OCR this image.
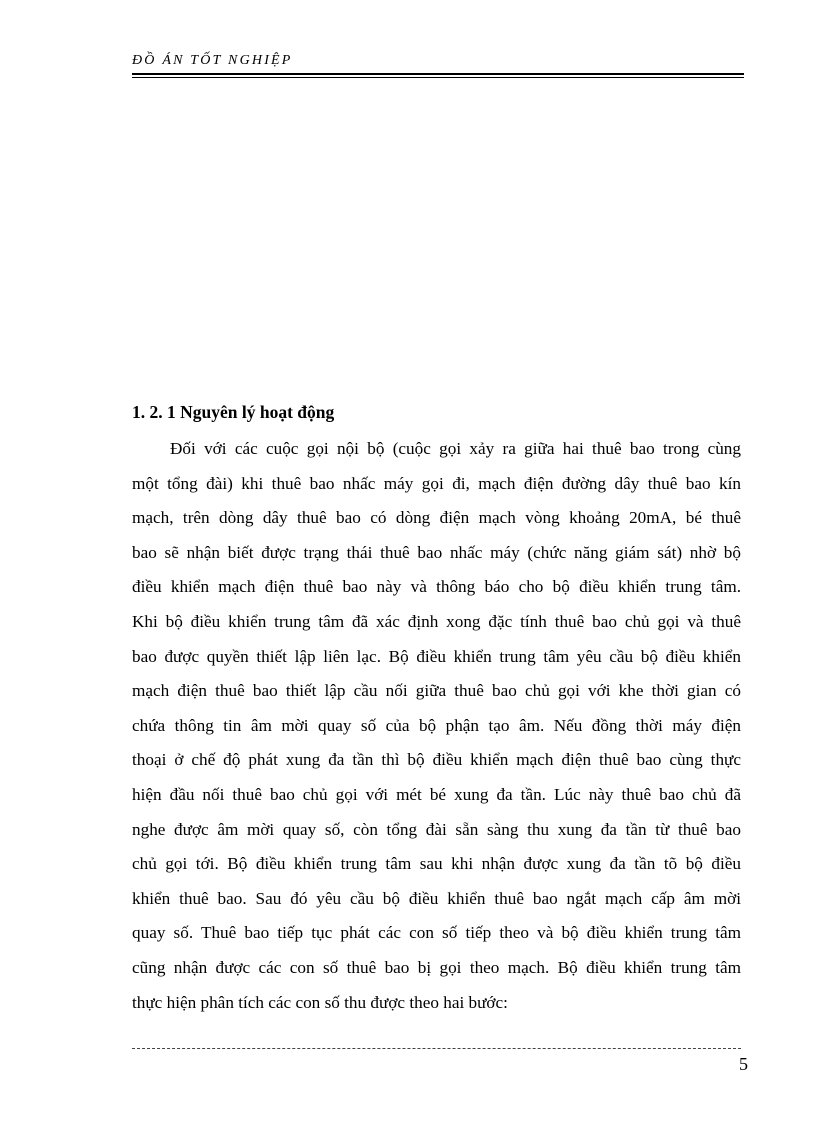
ĐỒ ÁN TỐT NGHIỆP
1. 2. 1 Nguyên lý hoạt động
Đối với các cuộc gọi nội bộ (cuộc gọi xảy ra giữa hai thuê bao trong cùng
một tổng đài) khi thuê bao nhấc máy gọi đi, mạch điện đường dây thuê bao kín
mạch, trên dòng dây thuê bao có dòng điện mạch vòng khoảng 20mA, bé thuê
bao sẽ nhận biết được trạng thái thuê bao nhấc máy (chức năng giám sát) nhờ bộ
điều khiển mạch điện thuê bao này và thông báo cho bộ điều khiển trung tâm.
Khi bộ điều khiển trung tâm đã xác định xong đặc tính thuê bao chủ gọi và thuê
bao được quyền thiết lập liên lạc. Bộ điều khiển trung tâm yêu cầu bộ điều khiển
mạch điện thuê bao thiết lập cầu nối giữa thuê bao chủ gọi với khe thời gian có
chứa thông tin âm mời quay số của bộ phận tạo âm. Nếu đồng thời máy điện
thoại ở chế độ phát xung đa tần thì bộ điều khiển mạch điện thuê bao cùng thực
hiện đầu nối thuê bao chủ gọi với mét bé xung đa tần. Lúc này thuê bao chủ đã
nghe được âm mời quay số, còn tổng đài sẵn sàng thu xung đa tần từ thuê bao
chủ gọi tới. Bộ điều khiển trung tâm sau khi nhận được xung đa tần tõ bộ điều
khiển thuê bao. Sau đó yêu cầu bộ điều khiển thuê bao ngắt mạch cấp âm mời
quay số. Thuê bao tiếp tục phát các con số tiếp theo và bộ điều khiển trung tâm
cũng nhận được các con số thuê bao bị gọi theo mạch. Bộ điều khiển trung tâm
thực hiện phân tích các con số thu được theo hai bước:
5
